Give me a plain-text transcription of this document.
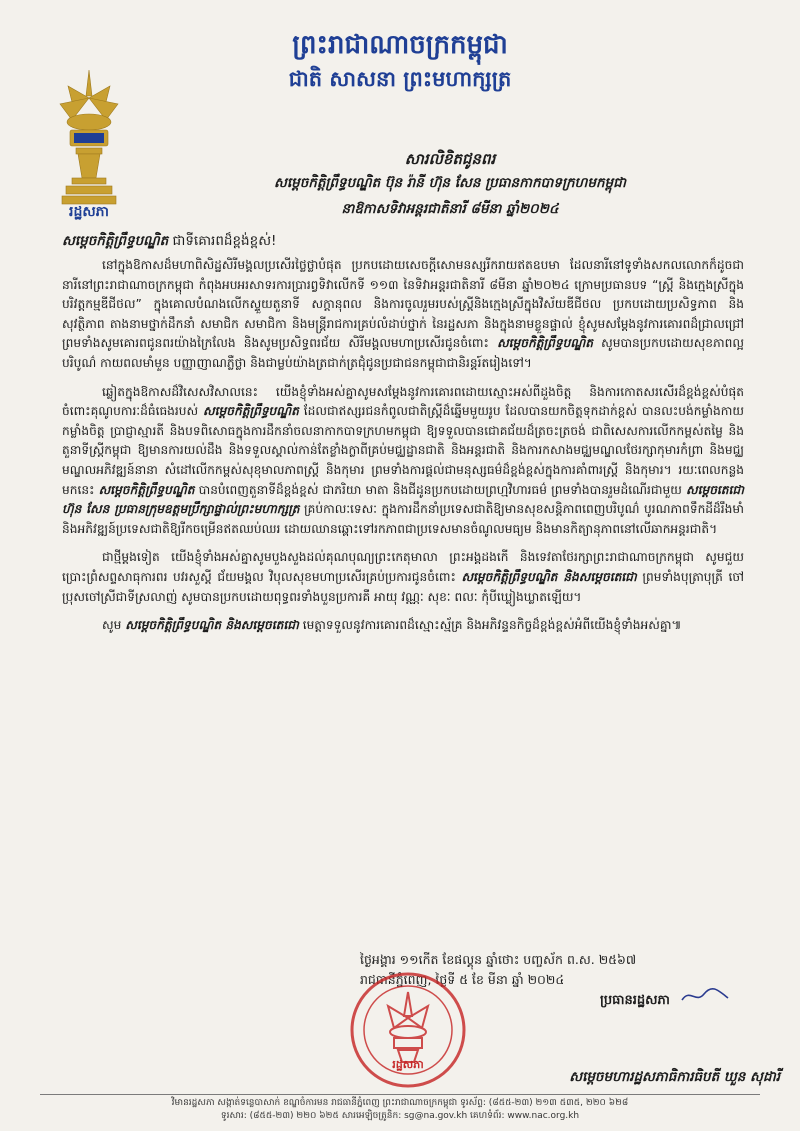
ព្រះរាជាណាចក្រកម្ពុជា
ជាតិ សាសនា ព្រះមហាក្សត្រ
រដ្ឋសភា
សារលិខិតជូនពរ
សម្តេចកិត្តិព្រឹទ្ធបណ្ឌិត ប៊ុន រ៉ានី ហ៊ុន សែន ប្រធានកាកបាទក្រហមកម្ពុជា
នាឱកាសទិវាអន្តរជាតិនារី ៨មីនា ឆ្នាំ២០២៤
សម្តេចកិត្តិព្រឹទ្ធបណ្ឌិត ជាទីគោរពដ៏ខ្ពង់ខ្ពស់!

នៅក្នុងឱកាសដ៏មហាពិសិដ្ឋសិរីមង្គលប្រសើរថ្លៃថ្លាបំផុត ប្រកបដោយសេចក្តីសោមនស្សរីករាយឥតឧបមា ដែលនារីនៅទូទាំងសកលលោកក៏ដូចជានារីនៅព្រះរាជាណាចក្រកម្ពុជា កំពុងអបអរសាទរការប្រារព្វទិវាលើកទី ១១៣ នៃទិវាអន្តរជាតិនារី ៨មីនា ឆ្នាំ២០២៤ ក្រោមប្រធានបទ “ស្ត្រី និងក្មេងស្រីក្នុងបរិវត្តកម្មឌីជីថល” ក្នុងគោលបំណងលើកស្ទួយតួនាទី សក្តានុពល និងការចូលរួមរបស់ស្ត្រីនិងក្មេងស្រីក្នុងវិស័យឌីជីថល ប្រកបដោយប្រសិទ្ធភាព និងសុវត្ថិភាព តាងនាមថ្នាក់ដឹកនាំ សមាជិក សមាជិកា និងមន្ត្រីរាជការគ្រប់លំដាប់ថ្នាក់ នៃរដ្ឋសភា និងក្នុងនាមខ្លួនផ្ទាល់ ខ្ញុំសូមសម្តែងនូវការគោរពដ៏ជ្រាលជ្រៅ ព្រមទាំងសូមគោរពជូនពរយ៉ាងក្រៃលែង និងសូមប្រសិទ្ធពរជ័យ សិរីមង្គលមហាប្រសើរជូនចំពោះ សម្តេចកិត្តិព្រឹទ្ធបណ្ឌិត សូមបានប្រកបដោយសុខភាពល្អបរិបូណ៌ កាយពលមាំមួន បញ្ញាញាណភ្លឺថ្លា និងជាម្លប់យ៉ាងត្រជាក់ត្រជុំជូនប្រជាជនកម្ពុជាជានិរន្តរ៍តរៀងទៅ។

ឆ្លៀតក្នុងឱកាសដ៏វិសេសវិសាលនេះ យើងខ្ញុំទាំងអស់គ្នាសូមសម្តែងនូវការគោរពដោយស្មោះអស់ពីដួងចិត្ត និងការកោតសរសើរដ៏ខ្ពង់ខ្ពស់បំផុតចំពោះគុណូបការៈដ៏ធំធេងរបស់ សម្តេចកិត្តិព្រឹទ្ធបណ្ឌិត ដែលជាឥស្សរជនកំពូលជាតិស្ត្រីដ៏ឆ្នើមមួយរូប ដែលបានយកចិត្តទុកដាក់ខ្ពស់ បានលះបង់កម្លាំងកាយ កម្លាំងចិត្ត ប្រាជ្ញាស្មារតី និងបទពិសោធក្នុងការដឹកនាំចលនាកាកបាទក្រហមកម្ពុជា ឱ្យទទួលបានជោគជ័យដ៏ត្រចះត្រចង់ ជាពិសេសការលើកកម្ពស់តម្លៃ និងតួនាទីស្ត្រីកម្ពុជា ឱ្យមានការយល់ដឹង និងទទួលស្គាល់កាន់តែខ្លាំងក្លាពីគ្រប់មជ្ឈដ្ឋានជាតិ និងអន្តរជាតិ និងការកសាងមជ្ឈមណ្ឌលថែរក្សាកុមារកំព្រា និងមជ្ឈមណ្ឌលអភិវឌ្ឍន៍នានា សំដៅលើកកម្ពស់សុខុមាលភាពស្ត្រី និងកុមារ ព្រមទាំងការផ្តល់ជាមនុស្សធម៌ដ៏ខ្ពង់ខ្ពស់ក្នុងការគាំពារស្ត្រី និងកុមារ។ រយៈពេលកន្លងមកនេះ សម្តេចកិត្តិព្រឹទ្ធបណ្ឌិត បានបំពេញតួនាទីដ៏ខ្ពង់ខ្ពស់ ជាភរិយា មាតា និងជីដូនប្រកបដោយព្រហ្មវិហារធម៌ ព្រមទាំងបានរួមដំណើរជាមួយ សម្តេចតេជោ ហ៊ុន សែន ប្រធានក្រុមឧត្តមប្រឹក្សាផ្ទាល់ព្រះមហាក្សត្រ គ្រប់កាលៈទេសៈ ក្នុងការដឹកនាំប្រទេសជាតិឱ្យមានសុខសន្តិភាពពេញបរិបូណ៌ បូរណភាពទឹកដីដ៏រឹងមាំ និងអភិវឌ្ឍន៍ប្រទេសជាតិឱ្យរីកចម្រើនឥតឈប់ឈរ ដោយឈានឆ្ពោះទៅរកភាពជាប្រទេសមានចំណូលមធ្យម និងមានកិត្យានុភាពនៅលើឆាកអន្តរជាតិ។

ជាថ្មីម្តងទៀត យើងខ្ញុំទាំងអស់គ្នាសូមបួងសួងដល់គុណបុណ្យព្រះកេតុមាលា ព្រះអង្គដងកើ និងទេវតាថែរក្សាព្រះរាជាណាចក្រកម្ពុជា សូមជួយប្រោះព្រំសព្ទសាធុការពរ បវរសួស្តី ជ័យមង្គល វិបុលសុខមហាប្រសើរគ្រប់ប្រការជូនចំពោះ សម្តេចកិត្តិព្រឹទ្ធបណ្ឌិត និងសម្តេចតេជោ ព្រមទាំងបុត្រាបុត្រី ចៅប្រុសចៅស្រីជាទីស្រលាញ់ សូមបានប្រកបដោយពុទ្ធពរទាំងបួនប្រការគឺ អាយុ វណ្ណៈ សុខៈ ពលៈ កុំបីឃ្លៀងឃ្លាតឡើយ។

សូម សម្តេចកិត្តិព្រឹទ្ធបណ្ឌិត និងសម្តេចតេជោ មេត្តាទទួលនូវការគោរពដ៏ស្មោះស្ម័គ្រ និងអភិវន្ទនកិច្ចដ៏ខ្ពង់ខ្ពស់អំពីយើងខ្ញុំទាំងអស់គ្នា៕

ថ្ងៃអង្គារ ១១កើត ខែផល្គុន ឆ្នាំថោះ បញ្ចស័ក ព.ស. ២៥៦៧
រាជធានីភ្នំពេញ, ថ្ងៃទី ៥ ខែ មីនា ឆ្នាំ ២០២៤
រដ្ឋសភា
ប្រធានរដ្ឋសភា
សម្តេចមហារដ្ឋសភាធិការធិបតី ឃួន សុដារី
វិមានរដ្ឋសភា សង្កាត់ទន្លេបាសាក់ ខណ្ឌចំការមន រាជធានីភ្នំពេញ ព្រះរាជាណាចក្រកម្ពុជា ទូរស័ព្ទ: (៨៥៥-២៣) ២១៣ ៥៣៥, ២២០ ៦២៨
ទូរសារ: (៨៥៥-២៣) ២២០ ៦២៥ សារអេឡិចត្រូនិក: sg@na.gov.kh គេហទំព័រ: www.nac.org.kh
